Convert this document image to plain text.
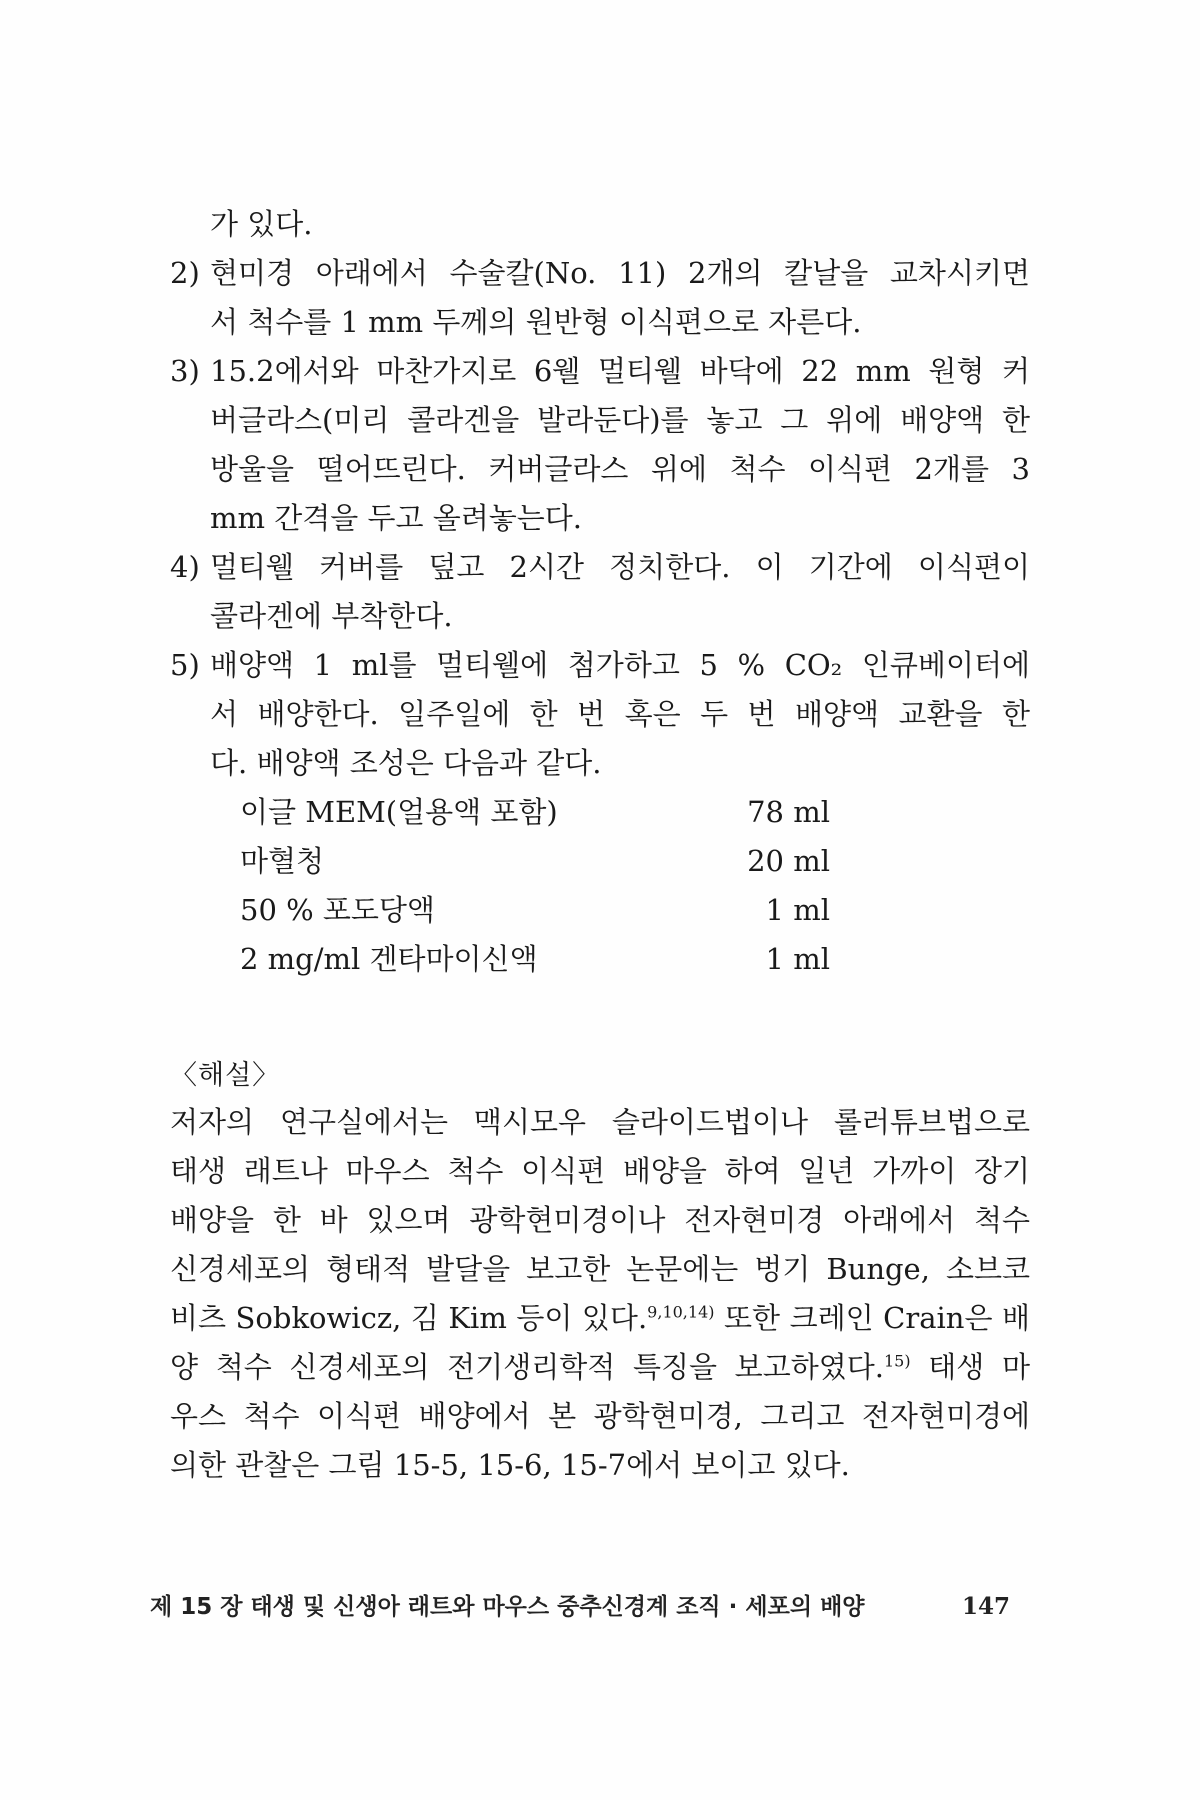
가 있다.
2) 현미경 아래에서 수술칼(No. 11) 2개의 칼날을 교차시키면
서 척수를 1 mm 두께의 원반형 이식편으로 자른다.
3) 15.2에서와 마찬가지로 6웰 멀티웰 바닥에 22 mm 원형 커
버글라스(미리 콜라겐을 발라둔다)를 놓고 그 위에 배양액 한
방울을 떨어뜨린다. 커버글라스 위에 척수 이식편 2개를 3
mm 간격을 두고 올려놓는다.
4) 멀티웰 커버를 덮고 2시간 정치한다. 이 기간에 이식편이
콜라겐에 부착한다.
5) 배양액 1 ml를 멀티웰에 첨가하고 5 % CO₂ 인큐베이터에
서 배양한다. 일주일에 한 번 혹은 두 번 배양액 교환을 한
다. 배양액 조성은 다음과 같다.
이글 MEM(얼용액 포함)	78 ml
마혈청	20 ml
50 % 포도당액	1 ml
2 mg/ml 겐타마이신액	1 ml
〈해설〉
저자의 연구실에서는 맥시모우 슬라이드법이나 롤러튜브법으로
태생 래트나 마우스 척수 이식편 배양을 하여 일년 가까이 장기
배양을 한 바 있으며 광학현미경이나 전자현미경 아래에서 척수
신경세포의 형태적 발달을 보고한 논문에는 벙기 Bunge, 소브코
비츠 Sobkowicz, 김 Kim 등이 있다.$^{9,10,14)}$ 또한 크레인 Crain은 배
양 척수 신경세포의 전기생리학적 특징을 보고하였다.$^{15)}$ 태생 마
우스 척수 이식편 배양에서 본 광학현미경, 그리고 전자현미경에
의한 관찰은 그림 15-5, 15-6, 15-7에서 보이고 있다.
제 15 장 태생 및 신생아 래트와 마우스 중추신경계 조직 · 세포의 배양	147
